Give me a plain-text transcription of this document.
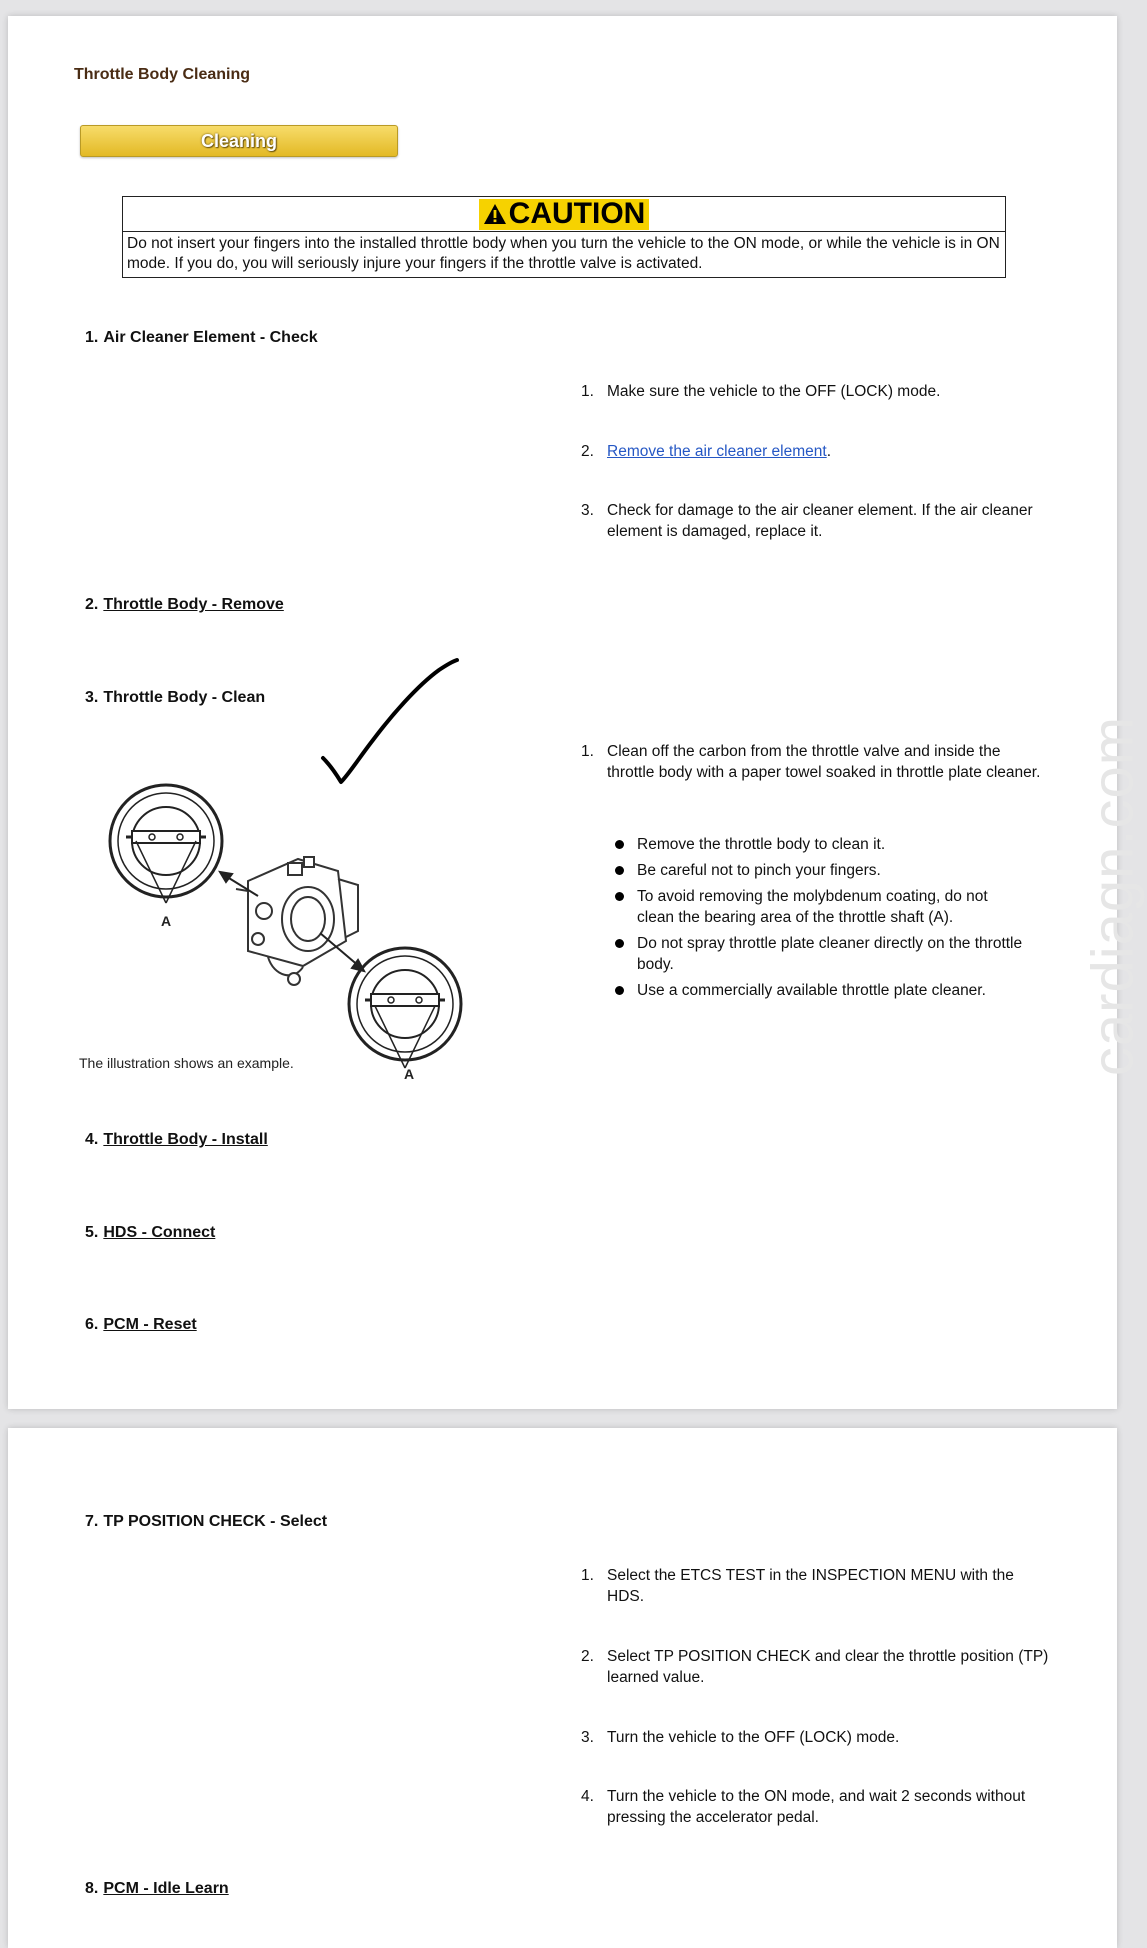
Throttle Body Cleaning
Cleaning
CAUTION
Do not insert your fingers into the installed throttle body when you turn the vehicle to the ON mode, or while the vehicle is in ON mode. If you do, you will seriously injure your fingers if the throttle valve is activated.
1. Air Cleaner Element - Check
1. Make sure the vehicle to the OFF (LOCK) mode.
2. Remove the air cleaner element.
3. Check for damage to the air cleaner element. If the air cleaner element is damaged, replace it.
2. Throttle Body - Remove
3. Throttle Body - Clean
1. Clean off the carbon from the throttle valve and inside the throttle body with a paper towel soaked in throttle plate cleaner.
Remove the throttle body to clean it.
Be careful not to pinch your fingers.
To avoid removing the molybdenum coating, do not clean the bearing area of the throttle shaft (A).
Do not spray throttle plate cleaner directly on the throttle body.
Use a commercially available throttle plate cleaner.
A
A
The illustration shows an example.
4. Throttle Body - Install
5. HDS - Connect
6. PCM - Reset
cardiagn.com
7. TP POSITION CHECK - Select
1. Select the ETCS TEST in the INSPECTION MENU with the HDS.
2. Select TP POSITION CHECK and clear the throttle position (TP) learned value.
3. Turn the vehicle to the OFF (LOCK) mode.
4. Turn the vehicle to the ON mode, and wait 2 seconds without pressing the accelerator pedal.
8. PCM - Idle Learn
